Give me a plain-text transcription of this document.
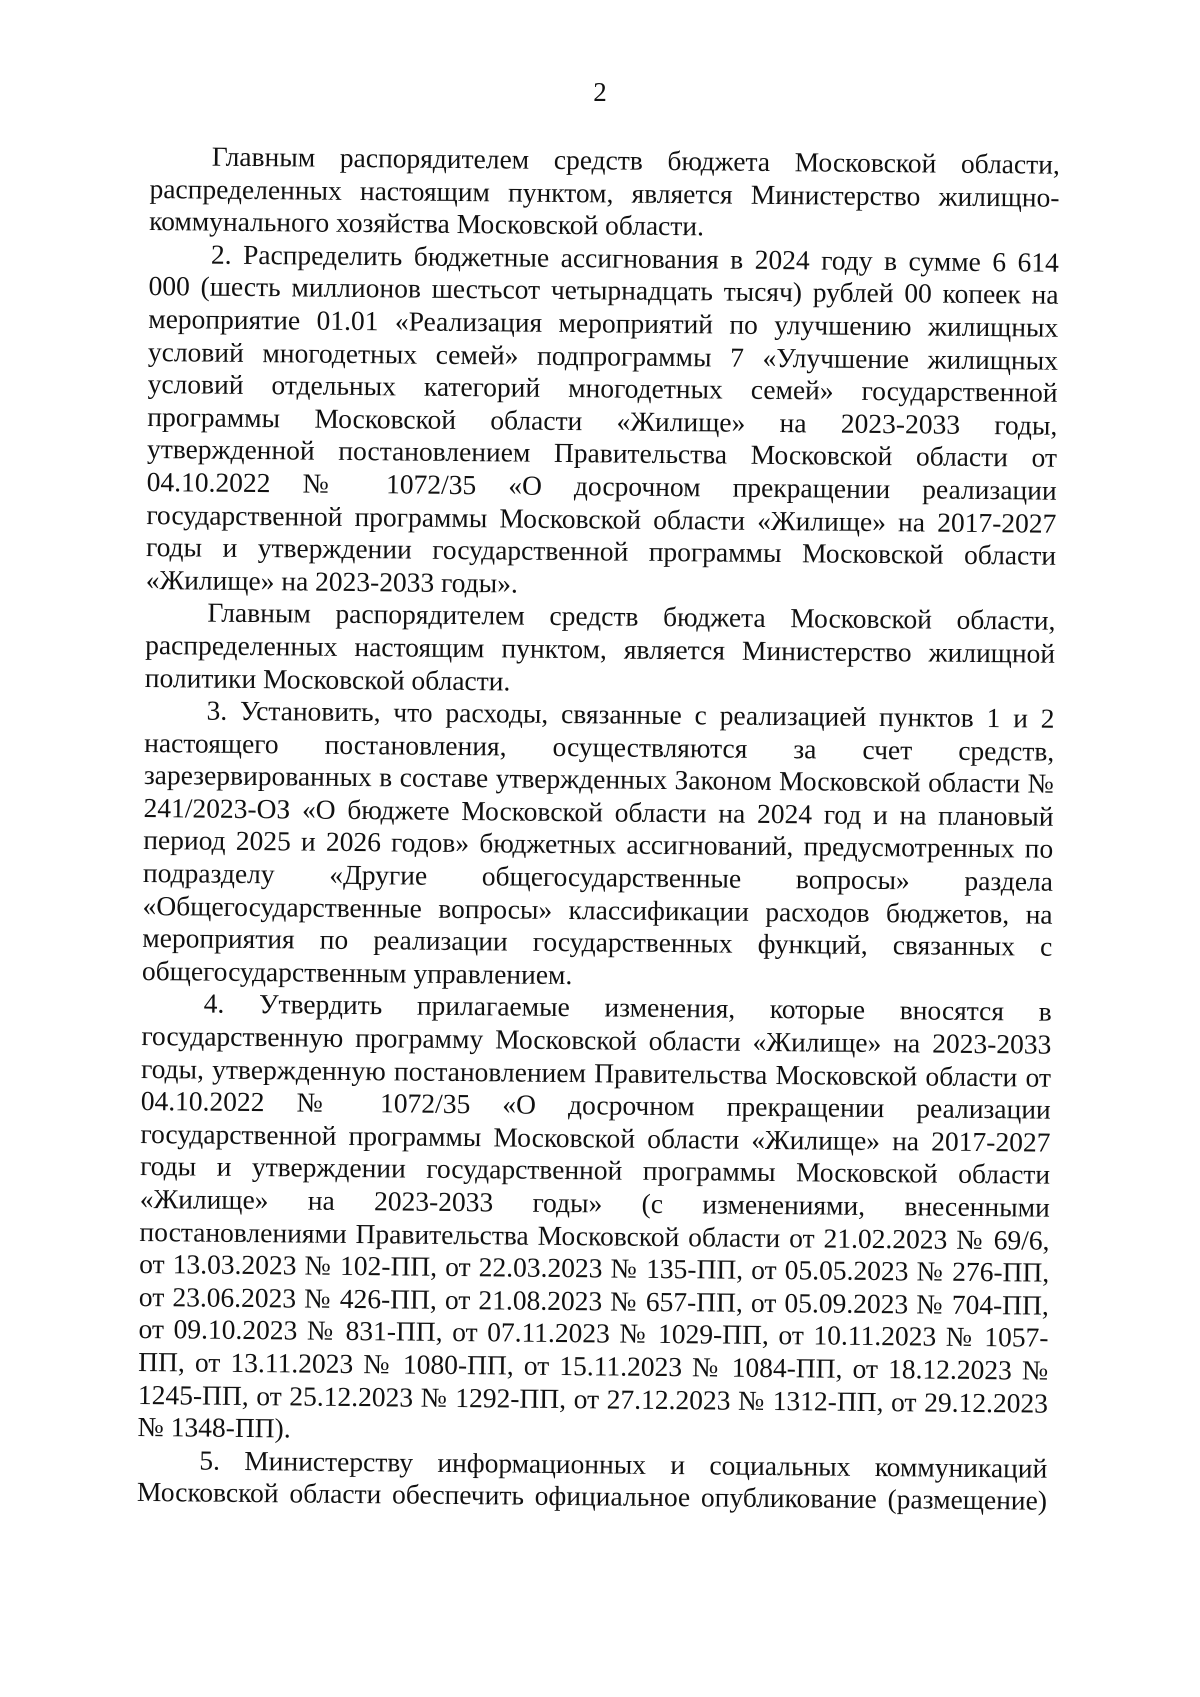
2

Главным распорядителем средств бюджета Московской области, распределенных настоящим пунктом, является Министерство жилищно-коммунального хозяйства Московской области.

2. Распределить бюджетные ассигнования в 2024 году в сумме 6 614 000 (шесть миллионов шестьсот четырнадцать тысяч) рублей 00 копеек на мероприятие 01.01 «Реализация мероприятий по улучшению жилищных условий многодетных семей» подпрограммы 7 «Улучшение жилищных условий отдельных категорий многодетных семей» государственной программы Московской области «Жилище» на 2023-2033 годы, утвержденной постановлением Правительства Московской области от 04.10.2022 № 1072/35 «О досрочном прекращении реализации государственной программы Московской области «Жилище» на 2017-2027 годы и утверждении государственной программы Московской области «Жилище» на 2023-2033 годы».

Главным распорядителем средств бюджета Московской области, распределенных настоящим пунктом, является Министерство жилищной политики Московской области.

3. Установить, что расходы, связанные с реализацией пунктов 1 и 2 настоящего постановления, осуществляются за счет средств, зарезервированных в составе утвержденных Законом Московской области № 241/2023-ОЗ «О бюджете Московской области на 2024 год и на плановый период 2025 и 2026 годов» бюджетных ассигнований, предусмотренных по подразделу «Другие общегосударственные вопросы» раздела «Общегосударственные вопросы» классификации расходов бюджетов, на мероприятия по реализации государственных функций, связанных с общегосударственным управлением.

4. Утвердить прилагаемые изменения, которые вносятся в государственную программу Московской области «Жилище» на 2023-2033 годы, утвержденную постановлением Правительства Московской области от 04.10.2022 № 1072/35 «О досрочном прекращении реализации государственной программы Московской области «Жилище» на 2017-2027 годы и утверждении государственной программы Московской области «Жилище» на 2023-2033 годы» (с изменениями, внесенными постановлениями Правительства Московской области от 21.02.2023 № 69/6, от 13.03.2023 № 102-ПП, от 22.03.2023 № 135-ПП, от 05.05.2023 № 276-ПП, от 23.06.2023 № 426-ПП, от 21.08.2023 № 657-ПП, от 05.09.2023 № 704-ПП, от 09.10.2023 № 831-ПП, от 07.11.2023 № 1029-ПП, от 10.11.2023 № 1057-ПП, от 13.11.2023 № 1080-ПП, от 15.11.2023 № 1084-ПП, от 18.12.2023 № 1245-ПП, от 25.12.2023 № 1292-ПП, от 27.12.2023 № 1312-ПП, от 29.12.2023 № 1348-ПП).

5. Министерству информационных и социальных коммуникаций Московской области обеспечить официальное опубликование (размещение)
